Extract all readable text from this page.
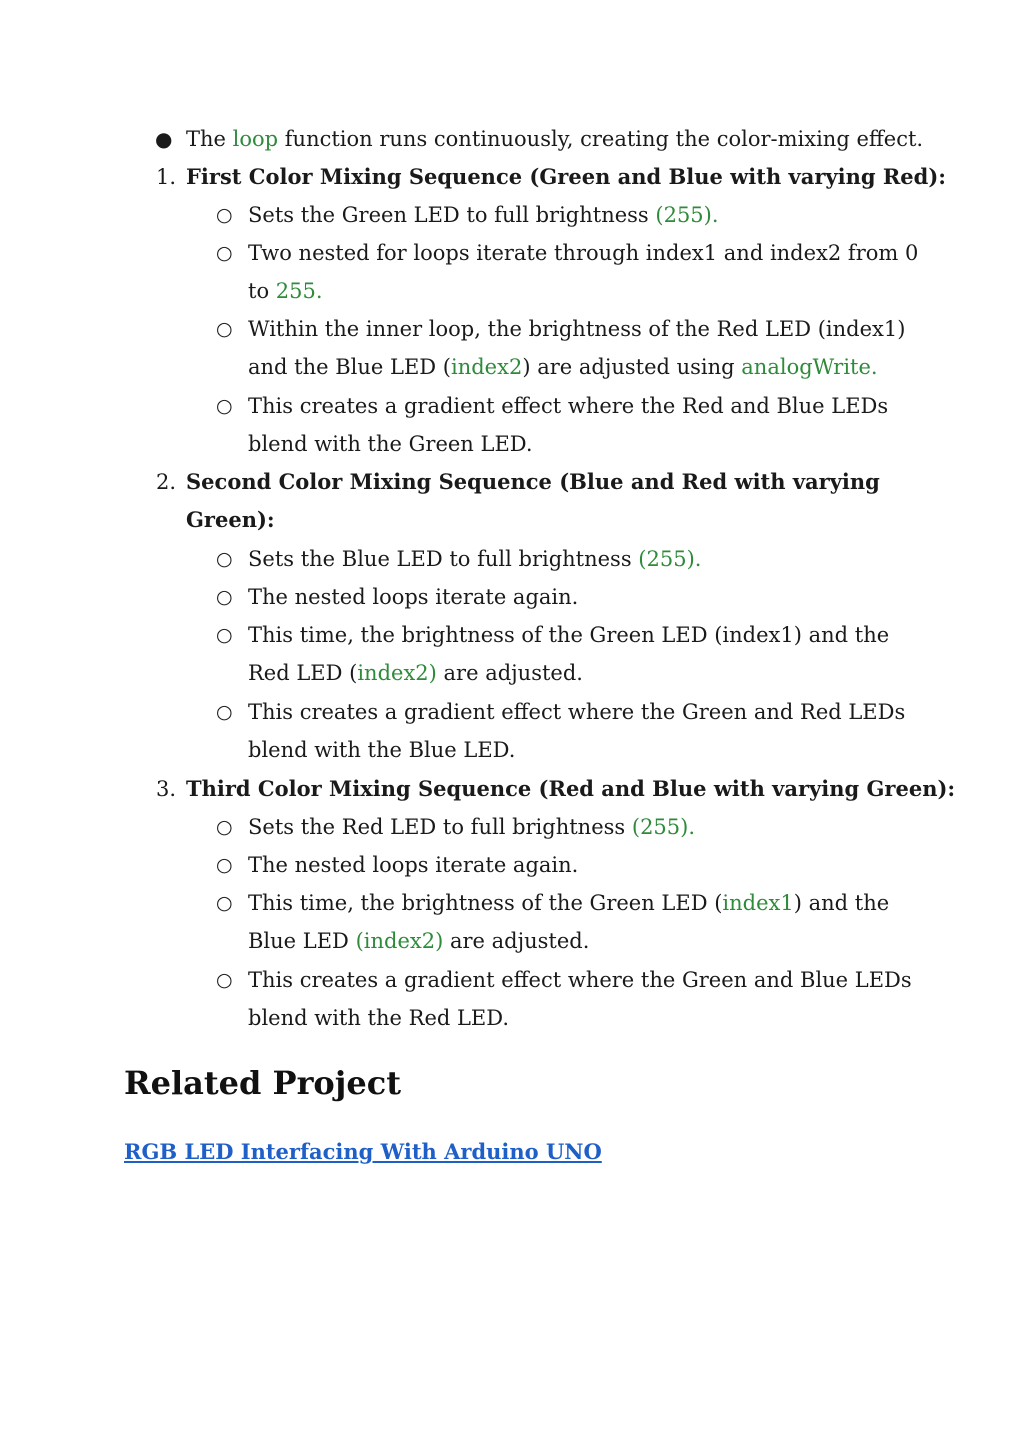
● The loop function runs continuously, creating the color-mixing effect.
1. First Color Mixing Sequence (Green and Blue with varying Red):
○ Sets the Green LED to full brightness (255).
○ Two nested for loops iterate through index1 and index2 from 0
to 255.
○ Within the inner loop, the brightness of the Red LED (index1)
and the Blue LED (index2) are adjusted using analogWrite.
○ This creates a gradient effect where the Red and Blue LEDs
blend with the Green LED.
2. Second Color Mixing Sequence (Blue and Red with varying
Green):
○ Sets the Blue LED to full brightness (255).
○ The nested loops iterate again.
○ This time, the brightness of the Green LED (index1) and the
Red LED (index2) are adjusted.
○ This creates a gradient effect where the Green and Red LEDs
blend with the Blue LED.
3. Third Color Mixing Sequence (Red and Blue with varying Green):
○ Sets the Red LED to full brightness (255).
○ The nested loops iterate again.
○ This time, the brightness of the Green LED (index1) and the
Blue LED (index2) are adjusted.
○ This creates a gradient effect where the Green and Blue LEDs
blend with the Red LED.
Related Project
RGB LED Interfacing With Arduino UNO
